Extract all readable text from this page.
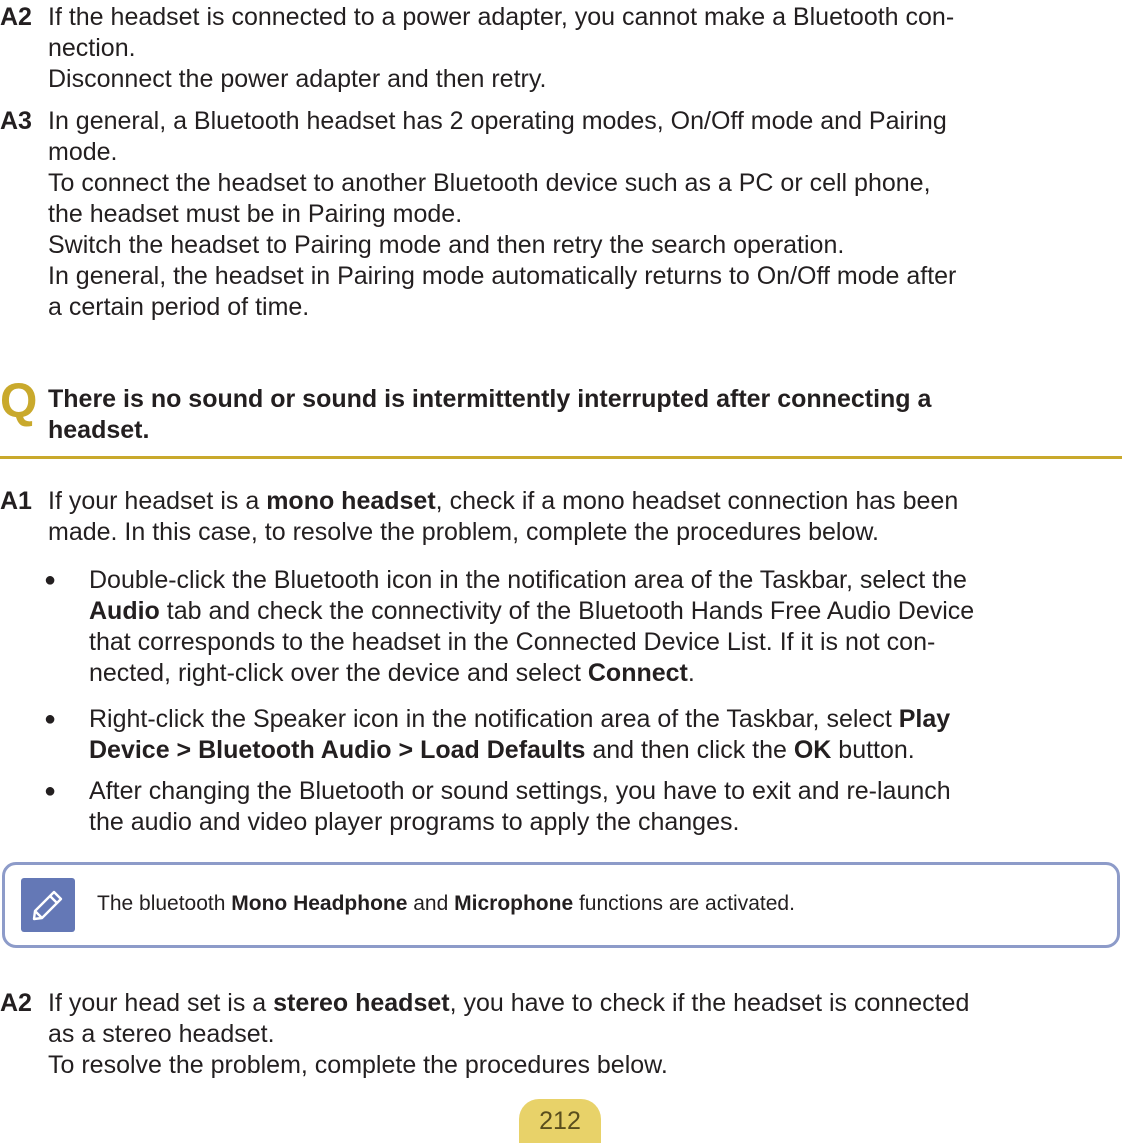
A2 If the headset is connected to a power adapter, you cannot make a Bluetooth con-
nection.
Disconnect the power adapter and then retry.
A3 In general, a Bluetooth headset has 2 operating modes, On/Off mode and Pairing
mode.
To connect the headset to another Bluetooth device such as a PC or cell phone,
the headset must be in Pairing mode.
Switch the headset to Pairing mode and then retry the search operation.
In general, the headset in Pairing mode automatically returns to On/Off mode after
a certain period of time.
Q There is no sound or sound is intermittently interrupted after connecting a
headset.
A1 If your headset is a mono headset, check if a mono headset connection has been
made. In this case, to resolve the problem, complete the procedures below.
● Double-click the Bluetooth icon in the notification area of the Taskbar, select the
Audio tab and check the connectivity of the Bluetooth Hands Free Audio Device
that corresponds to the headset in the Connected Device List. If it is not con-
nected, right-click over the device and select Connect.
● Right-click the Speaker icon in the notification area of the Taskbar, select Play
Device > Bluetooth Audio > Load Defaults and then click the OK button.
● After changing the Bluetooth or sound settings, you have to exit and re-launch
the audio and video player programs to apply the changes.
The bluetooth Mono Headphone and Microphone functions are activated.
A2 If your head set is a stereo headset, you have to check if the headset is connected
as a stereo headset.
To resolve the problem, complete the procedures below.
212
